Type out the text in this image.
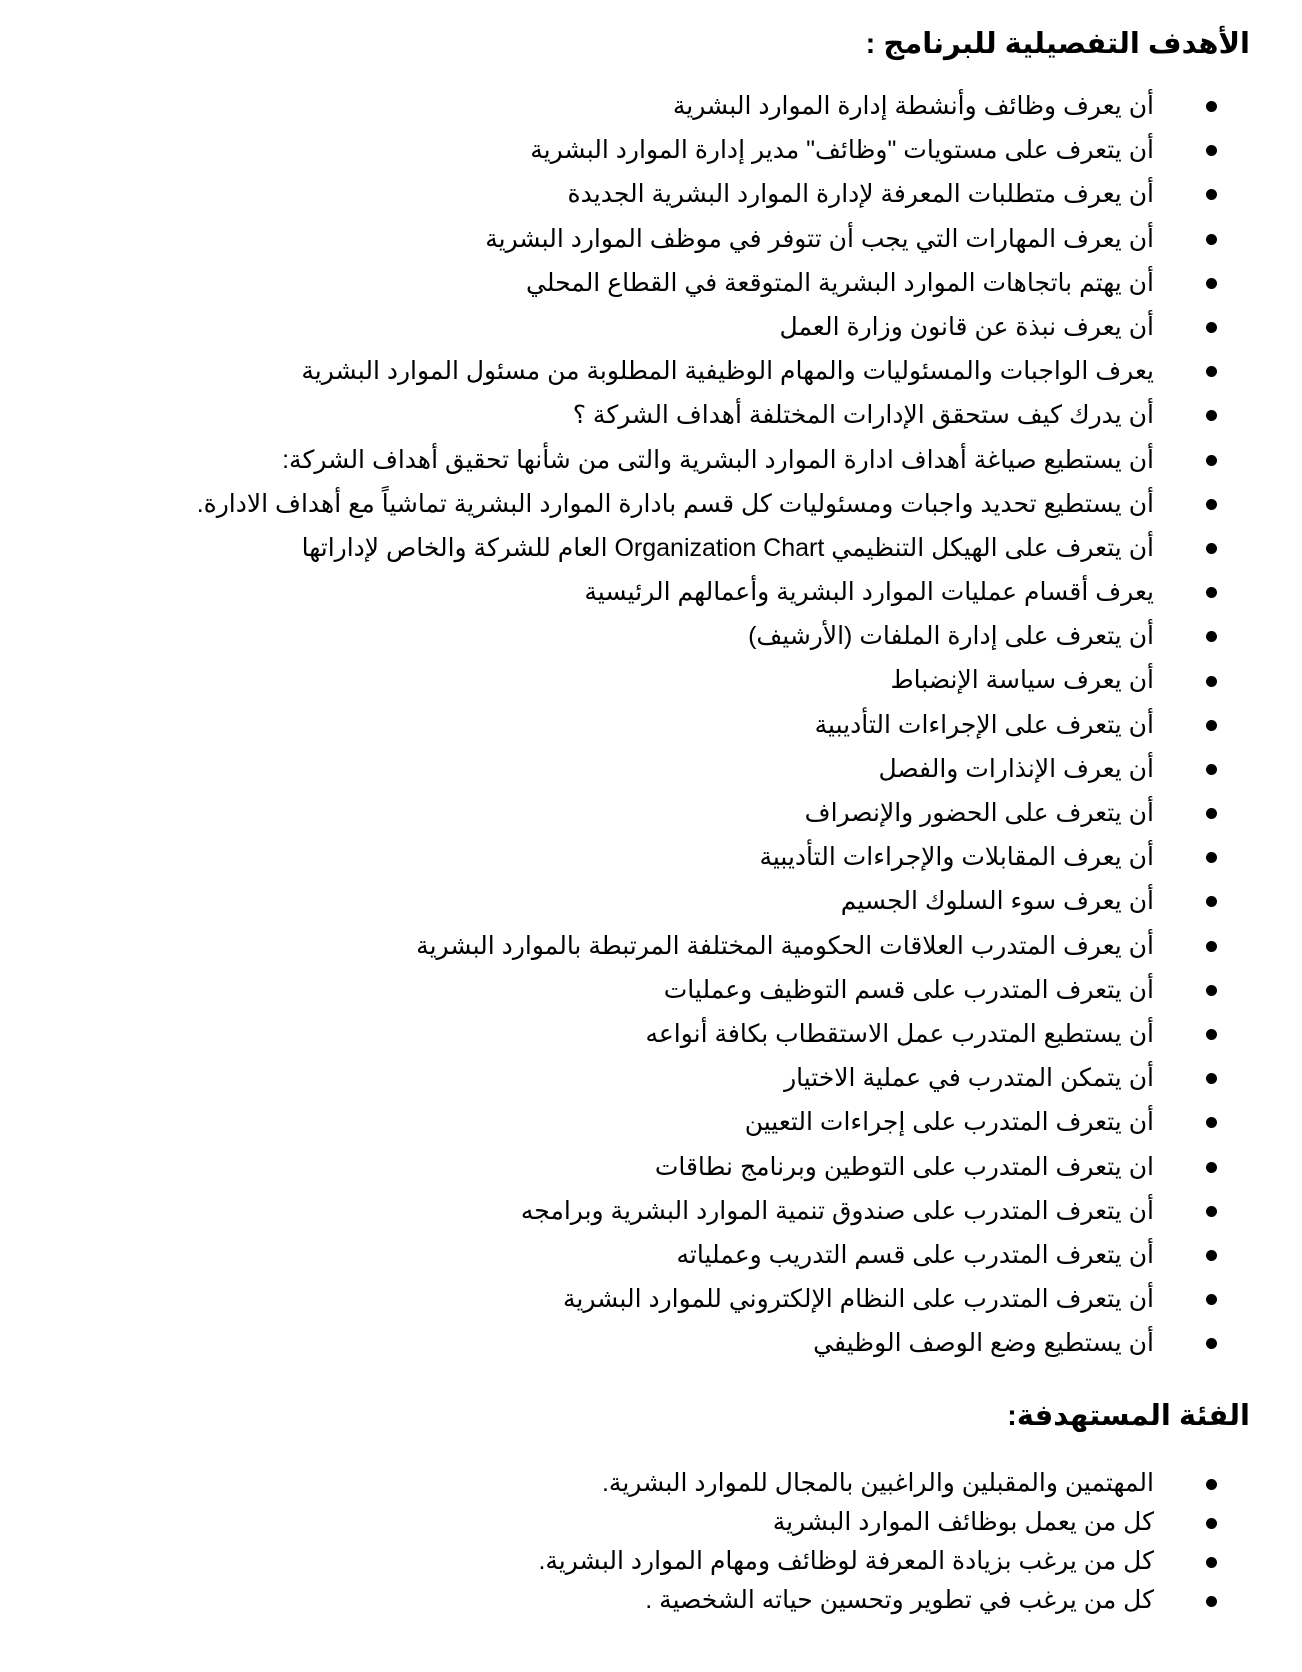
الأهدف التفصيلية للبرنامج :
أن يعرف وظائف وأنشطة إدارة الموارد البشرية
أن يتعرف على مستويات "وظائف" مدير إدارة الموارد البشرية
أن يعرف متطلبات المعرفة لإدارة الموارد البشرية الجديدة
أن يعرف المهارات التي يجب أن تتوفر في موظف الموارد البشرية
أن يهتم باتجاهات الموارد البشرية المتوقعة في القطاع المحلي
أن يعرف نبذة عن قانون وزارة العمل
يعرف الواجبات والمسئوليات والمهام الوظيفية المطلوبة من مسئول الموارد البشرية
أن يدرك كيف ستحقق الإدارات المختلفة أهداف الشركة ؟
أن يستطيع صياغة أهداف ادارة الموارد البشرية والتى من شأنها تحقيق أهداف الشركة:
أن يستطيع تحديد واجبات ومسئوليات كل قسم بادارة الموارد البشرية تماشياً مع أهداف الادارة.
أن يتعرف على الهيكل التنظيمي Organization Chart العام للشركة والخاص لإداراتها
يعرف أقسام عمليات الموارد البشرية وأعمالهم الرئيسية
أن يتعرف على إدارة الملفات (الأرشيف)
أن يعرف سياسة الإنضباط
أن يتعرف على الإجراءات التأديبية
أن يعرف الإنذارات والفصل
أن يتعرف على الحضور والإنصراف
أن يعرف المقابلات والإجراءات التأديبية
أن يعرف سوء السلوك الجسيم
أن يعرف المتدرب العلاقات الحكومية المختلفة المرتبطة بالموارد البشرية
أن يتعرف المتدرب على قسم التوظيف وعمليات
أن يستطيع المتدرب عمل الاستقطاب بكافة أنواعه
أن يتمكن المتدرب في عملية الاختيار
أن يتعرف المتدرب على إجراءات التعيين
ان يتعرف المتدرب على التوطين وبرنامج نطاقات
أن يتعرف المتدرب على صندوق تنمية الموارد البشرية وبرامجه
أن يتعرف المتدرب على قسم التدريب وعملياته
أن يتعرف المتدرب على النظام الإلكتروني للموارد البشرية
أن يستطيع وضع الوصف الوظيفي
الفئة المستهدفة:
المهتمين والمقبلين والراغبين بالمجال للموارد البشرية.
كل من يعمل بوظائف الموارد البشرية
كل من يرغب بزيادة المعرفة لوظائف ومهام الموارد البشرية.
كل من يرغب في تطوير وتحسين حياته الشخصية .
